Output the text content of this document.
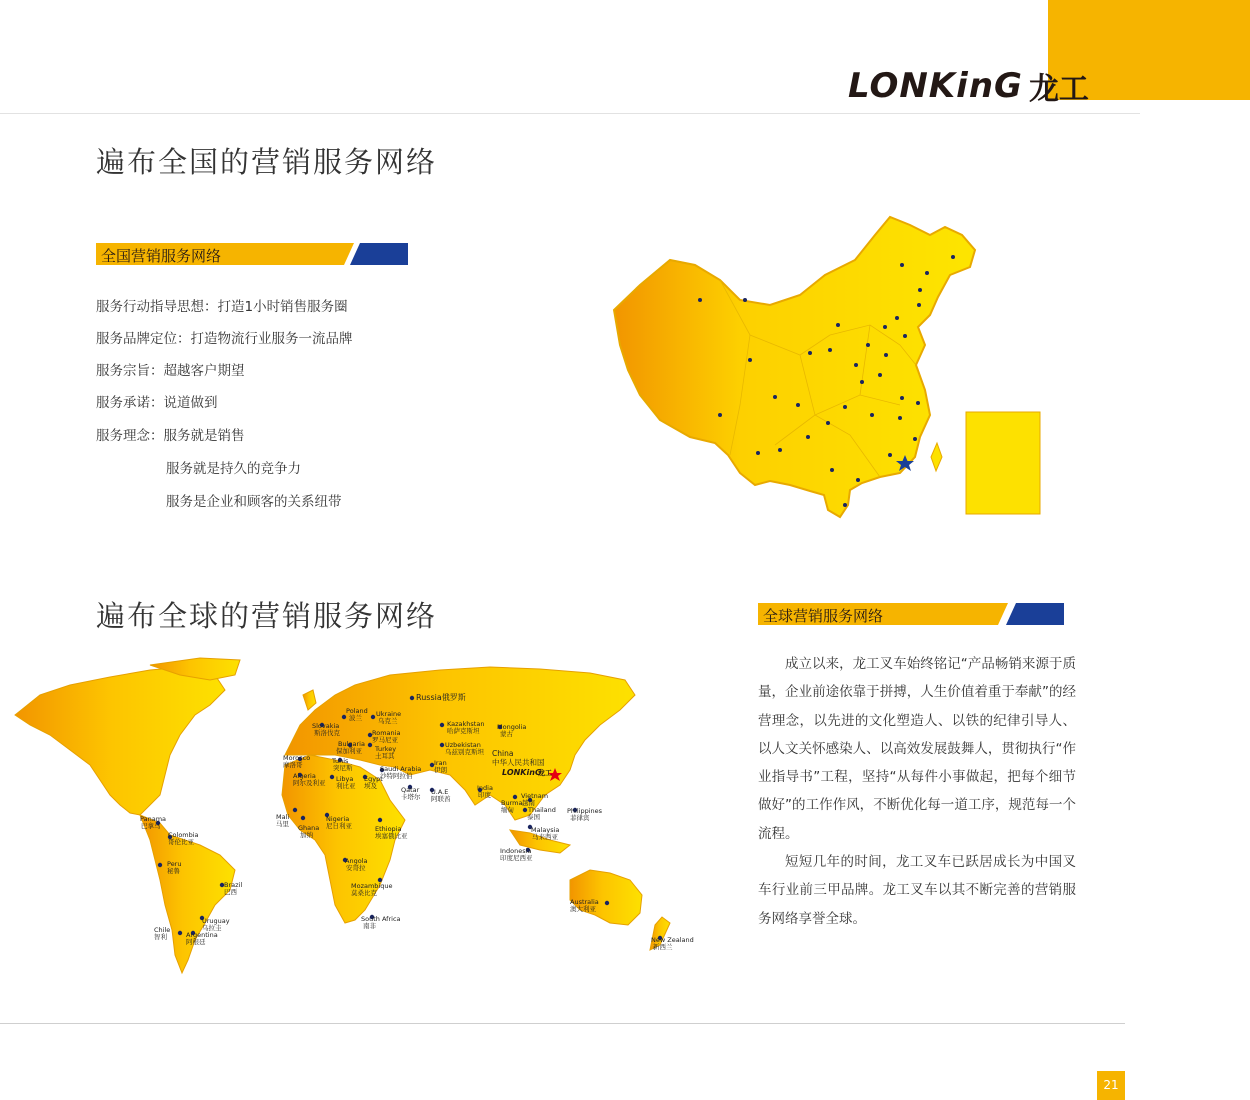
LONKinG 龙工
遍布全国的营销服务网络
全国营销服务网络
服务行动指导思想：打造1小时销售服务圈
服务品牌定位：打造物流行业服务一流品牌
服务宗旨：超越客户期望
服务承诺：说道做到
服务理念：服务就是销售
服务就是持久的竞争力
服务是企业和顾客的关系纽带
遍布全球的营销服务网络	全球营销服务网络

成立以来，龙工叉车始终铭记“产品畅销来源于质量，企业前途依靠于拼搏，人生价值着重于奉献”的经营理念，以先进的文化塑造人、以铁的纪律引导人、以人文关怀感染人、以高效发展鼓舞人，贯彻执行“作业指导书”工程，坚持“从每件小事做起，把每个细节做好”的工作作风，不断优化每一道工序，规范每一个流程。

短短几年的时间，龙工叉车已跃居成长为中国叉车行业前三甲品牌。龙工叉车以其不断完善的营销服务网络享誉全球。

Russia俄罗斯
Poland
波兰 Ukraine
乌克兰
Slovakia
斯洛伐克	Romania
罗马尼亚
Bulgaria
保加利亚 Turkey
土耳其
Kazakhstan
哈萨克斯坦	Mongolia
蒙古
Uzbekistan
乌兹别克斯坦 China
中华人民共和国
LONKinG
龙工
Morocco
摩洛哥	Tunis
突尼斯
Algeria
阿尔及利亚 Libya
利比亚
Egypt
埃及
Saudi Arabia
沙特阿拉伯
Iran
伊朗
Qatar
卡塔尔
U.A.E
阿联酋
India
印度
Burma
缅甸
Vietnam
越南
Thailand
泰国
Philippines
菲律宾
Malaysia
马来西亚
Indonesia
印度尼西亚
Mali
马里 Ghana
加纳
Nigeria
尼日利亚	Ethiopia
埃塞俄比亚
Angola
安哥拉
Mozambique
莫桑比克
South Africa
南非
Panama
巴拿马
Colombia
哥伦比亚
Peru
秘鲁
Brazil
巴西
Uruguay
乌拉圭
Chile
智利	Argentina
阿根廷
Australia
澳大利亚
New Zealand
新西兰
21
